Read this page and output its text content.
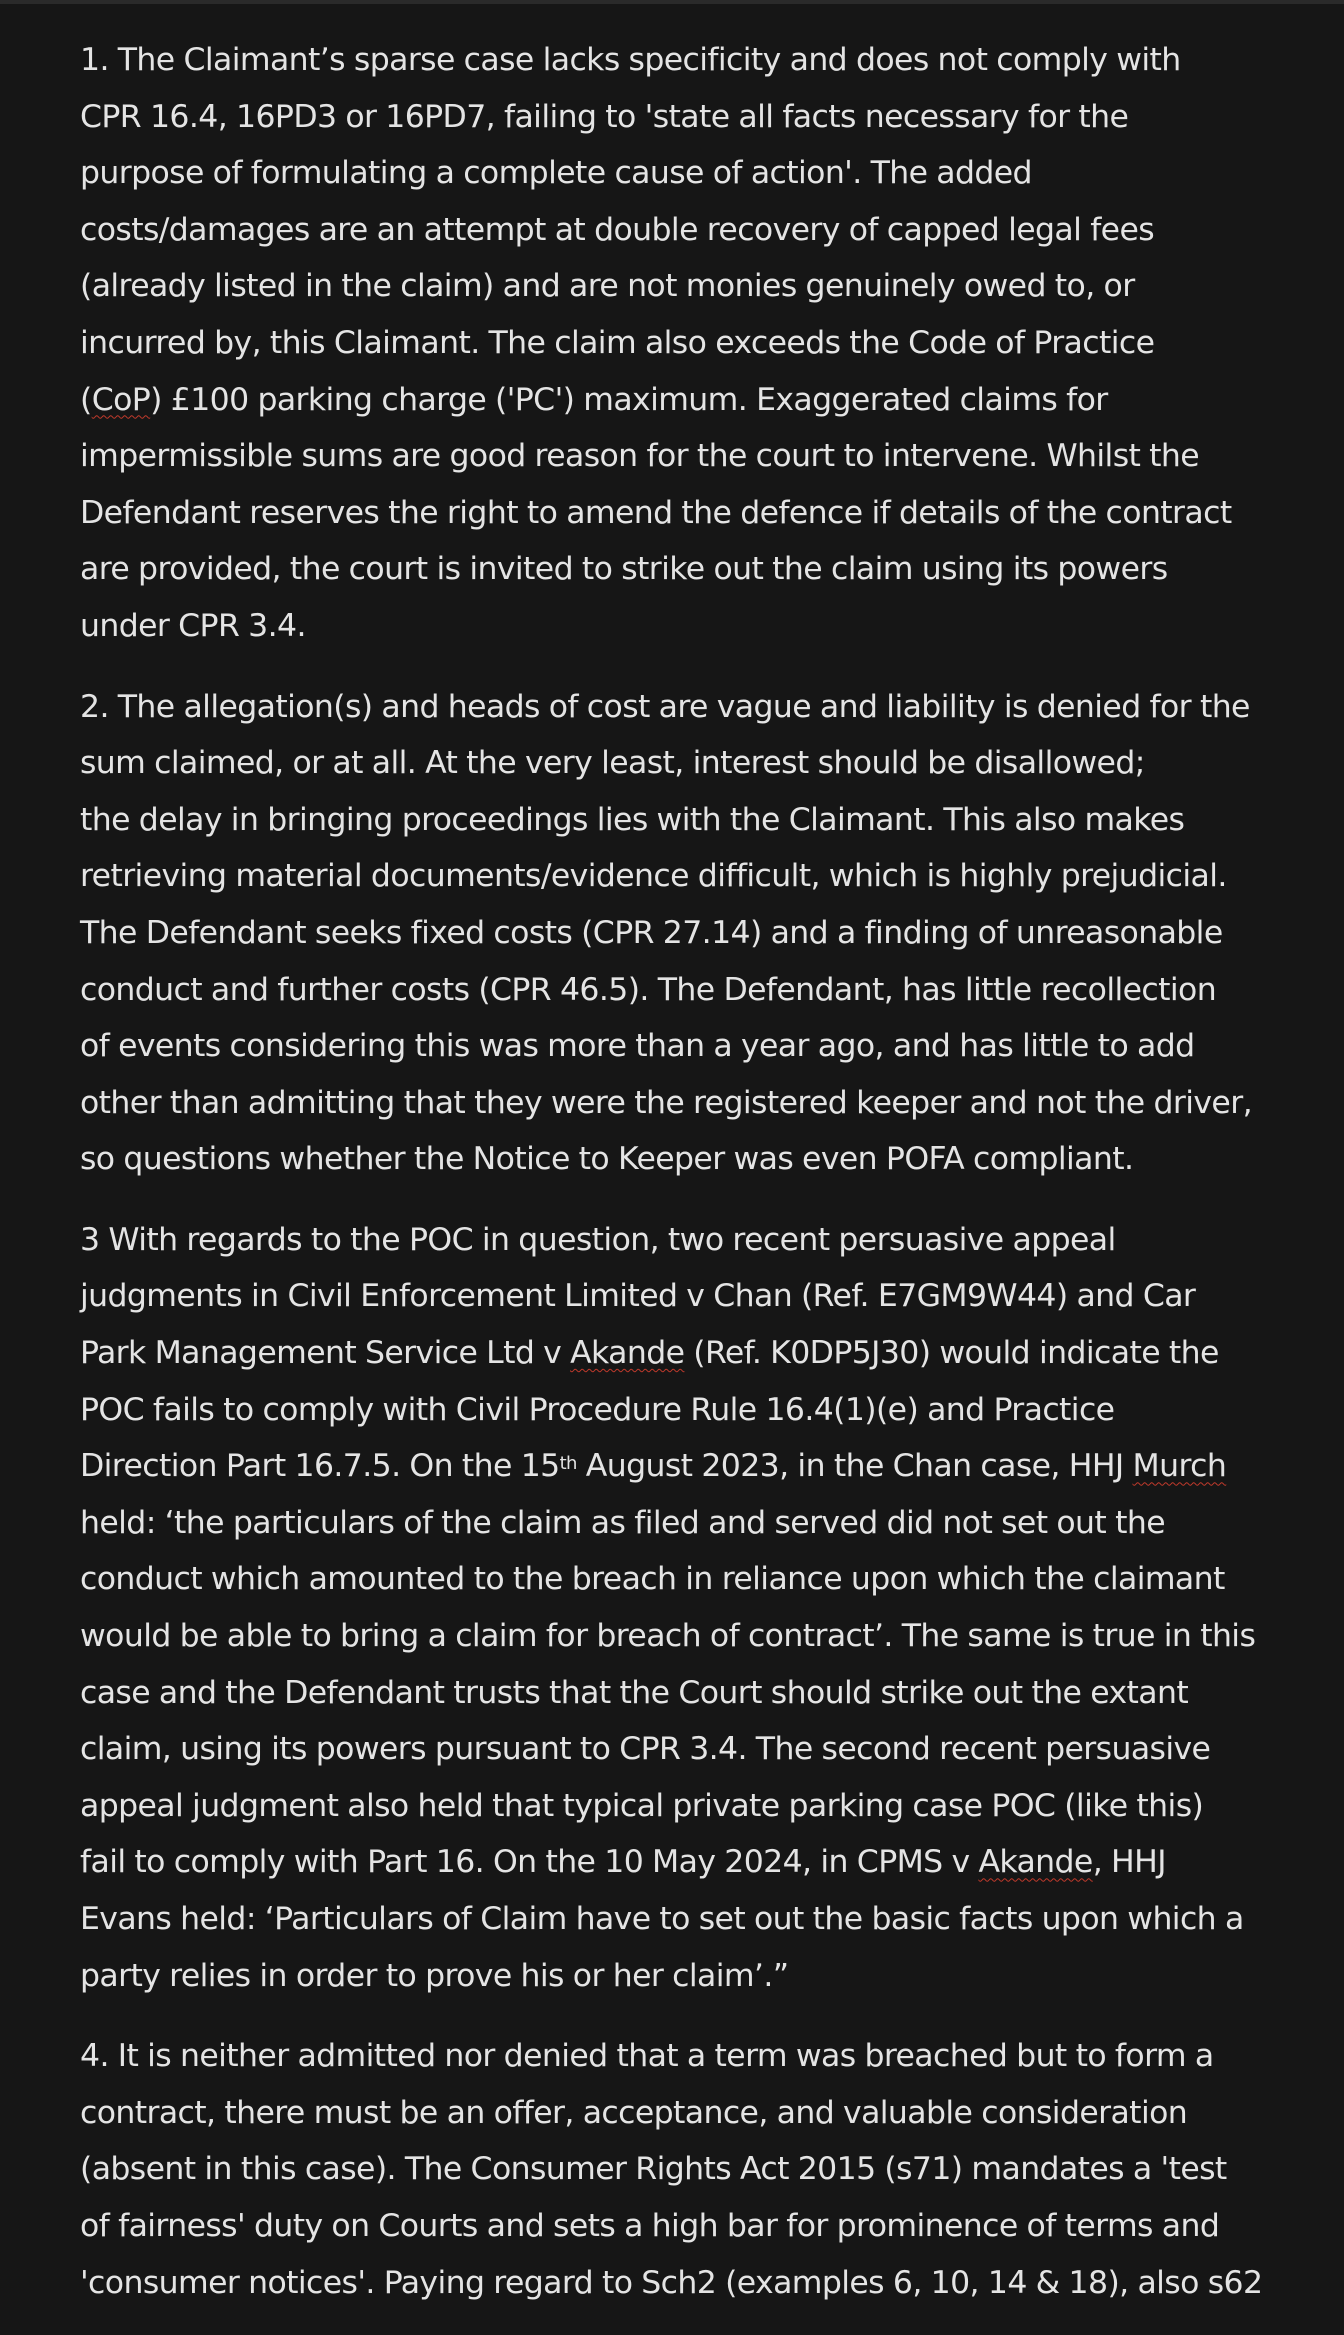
1. The Claimant’s sparse case lacks specificity and does not comply with
CPR 16.4, 16PD3 or 16PD7, failing to 'state all facts necessary for the
purpose of formulating a complete cause of action'. The added
costs/damages are an attempt at double recovery of capped legal fees
(already listed in the claim) and are not monies genuinely owed to, or
incurred by, this Claimant. The claim also exceeds the Code of Practice
(CoP) £100 parking charge ('PC') maximum. Exaggerated claims for
impermissible sums are good reason for the court to intervene. Whilst the
Defendant reserves the right to amend the defence if details of the contract
are provided, the court is invited to strike out the claim using its powers
under CPR 3.4.
2. The allegation(s) and heads of cost are vague and liability is denied for the
sum claimed, or at all. At the very least, interest should be disallowed;
the delay in bringing proceedings lies with the Claimant. This also makes
retrieving material documents/evidence difficult, which is highly prejudicial.
The Defendant seeks fixed costs (CPR 27.14) and a finding of unreasonable
conduct and further costs (CPR 46.5). The Defendant, has little recollection
of events considering this was more than a year ago, and has little to add
other than admitting that they were the registered keeper and not the driver,
so questions whether the Notice to Keeper was even POFA compliant.
3 With regards to the POC in question, two recent persuasive appeal
judgments in Civil Enforcement Limited v Chan (Ref. E7GM9W44) and Car
Park Management Service Ltd v Akande (Ref. K0DP5J30) would indicate the
POC fails to comply with Civil Procedure Rule 16.4(1)(e) and Practice
Direction Part 16.7.5. On the 15th August 2023, in the Chan case, HHJ Murch
held: ‘the particulars of the claim as filed and served did not set out the
conduct which amounted to the breach in reliance upon which the claimant
would be able to bring a claim for breach of contract’. The same is true in this
case and the Defendant trusts that the Court should strike out the extant
claim, using its powers pursuant to CPR 3.4. The second recent persuasive
appeal judgment also held that typical private parking case POC (like this)
fail to comply with Part 16. On the 10 May 2024, in CPMS v Akande, HHJ
Evans held: ‘Particulars of Claim have to set out the basic facts upon which a
party relies in order to prove his or her claim’.”
4. It is neither admitted nor denied that a term was breached but to form a
contract, there must be an offer, acceptance, and valuable consideration
(absent in this case). The Consumer Rights Act 2015 (s71) mandates a 'test
of fairness' duty on Courts and sets a high bar for prominence of terms and
'consumer notices'. Paying regard to Sch2 (examples 6, 10, 14 & 18), also s62
